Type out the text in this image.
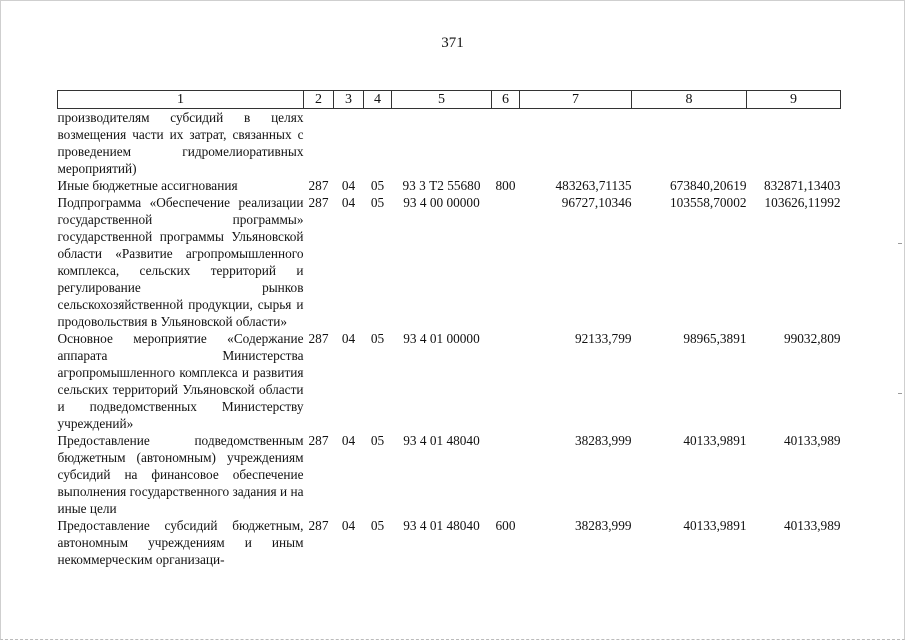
371
1	2	3	4	5	6	7	8	9
производителям субсидий в целях возмещения части их затрат, связанных с проведением гидромелиоративных мероприятий)								
Иные бюджетные ассигнования	287	04	05	93 3 Т2 55680	800	483263,71135	673840,20619	832871,13403
Подпрограмма «Обеспечение реализации государственной программы» государственной программы Ульяновской области «Развитие агропромышленного комплекса, сельских территорий и регулирование рынков сельскохозяйственной продукции, сырья и продовольствия в Ульяновской области»	287	04	05	93 4 00 00000		96727,10346	103558,70002	103626,11992
Основное мероприятие «Содержание аппарата Министерства агропромышленного комплекса и развития сельских территорий Ульяновской области и подведомственных Министерству учреждений»	287	04	05	93 4 01 00000		92133,799	98965,3891	99032,809
Предоставление подведомственным бюджетным (автономным) учреждениям субсидий на финансовое обеспечение выполнения государственного задания и на иные цели	287	04	05	93 4 01 48040		38283,999	40133,9891	40133,989
Предоставление субсидий бюджетным, автономным учреждениям и иным некоммерческим организаци-	287	04	05	93 4 01 48040	600	38283,999	40133,9891	40133,989
